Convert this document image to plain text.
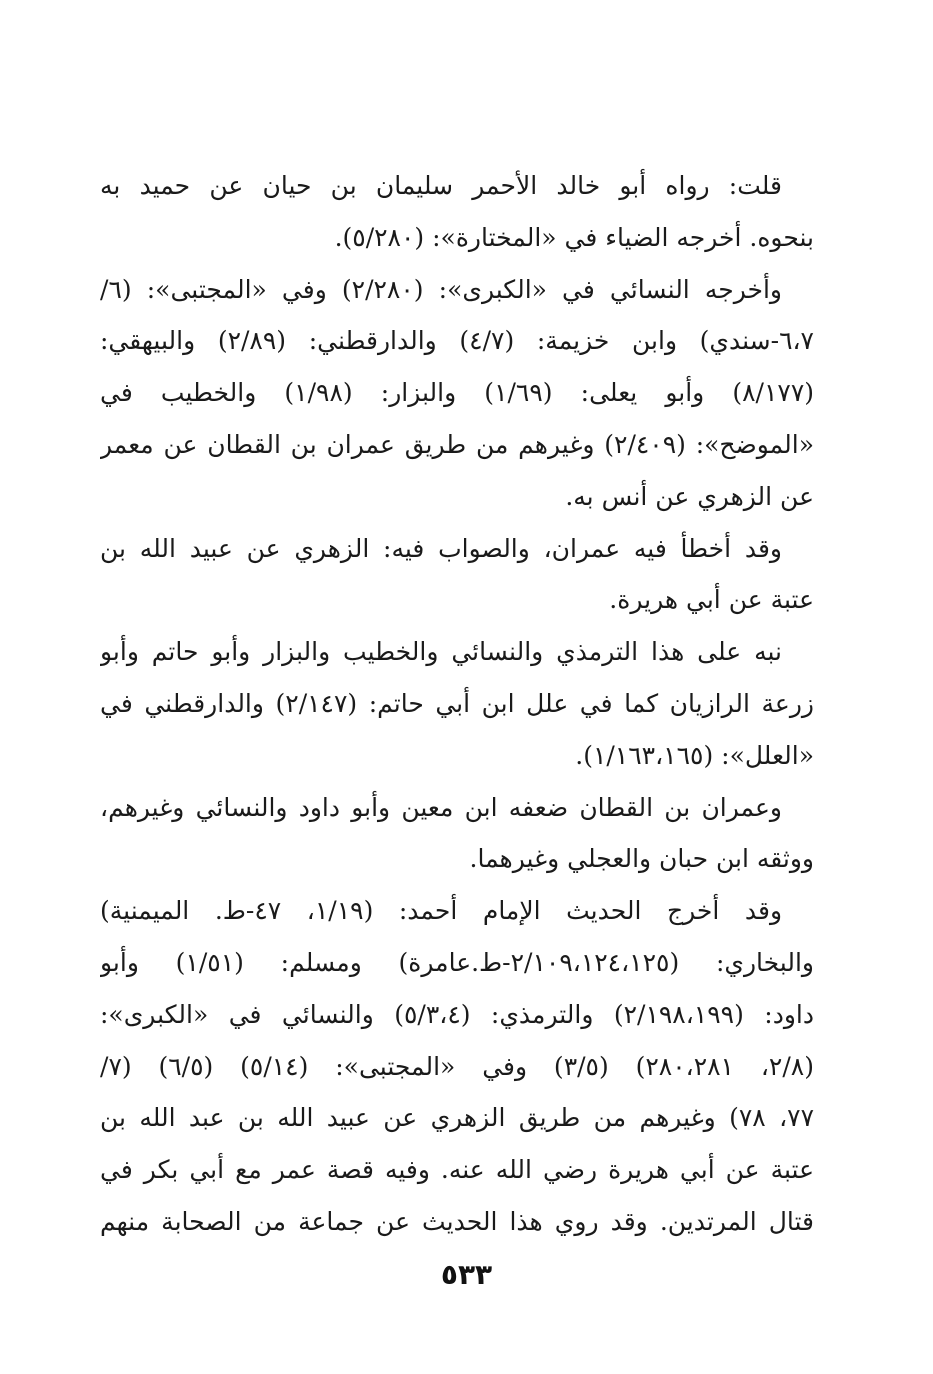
قلت: رواه أبو خالد الأحمر سليمان بن حيان عن حميد به
بنحوه. أخرجه الضياء في «المختارة»: (٥/٢٨٠).
وأخرجه النسائي في «الكبرى»: (٢/٢٨٠) وفي «المجتبى»: (٦/
٦،٧-سندي) وابن خزيمة: (٤/٧) والدارقطني: (٢/٨٩) والبيهقي:
(٨/١٧٧) وأبو يعلى: (١/٦٩) والبزار: (١/٩٨) والخطيب في
«الموضح»: (٢/٤٠٩) وغيرهم من طريق عمران بن القطان عن معمر
عن الزهري عن أنس به.
وقد أخطأ فيه عمران، والصواب فيه: الزهري عن عبيد الله بن
عتبة عن أبي هريرة.
نبه على هذا الترمذي والنسائي والخطيب والبزار وأبو حاتم وأبو
زرعة الرازيان كما في علل ابن أبي حاتم: (٢/١٤٧) والدارقطني في
«العلل»: (١/١٦٣،١٦٥).
وعمران بن القطان ضعفه ابن معين وأبو داود والنسائي وغيرهم،
ووثقه ابن حبان والعجلي وغيرهما.
وقد أخرج الحديث الإمام أحمد: (١/١٩، ٤٧-ط. الميمنية)
والبخاري: (٢/١٠٩،١٢٤،١٢٥-ط.عامرة) ومسلم: (١/٥١) وأبو
داود: (٢/١٩٨،١٩٩) والترمذي: (٥/٣،٤) والنسائي في «الكبرى»:
(٢/٨، ٢٨٠،٢٨١) (٣/٥) وفي «المجتبى»: (٥/١٤) (٦/٥) (٧/
٧٧، ٧٨) وغيرهم من طريق الزهري عن عبيد الله بن عبد الله بن
عتبة عن أبي هريرة رضي الله عنه. وفيه قصة عمر مع أبي بكر في
قتال المرتدين. وقد روي هذا الحديث عن جماعة من الصحابة منهم
٥٣٣
